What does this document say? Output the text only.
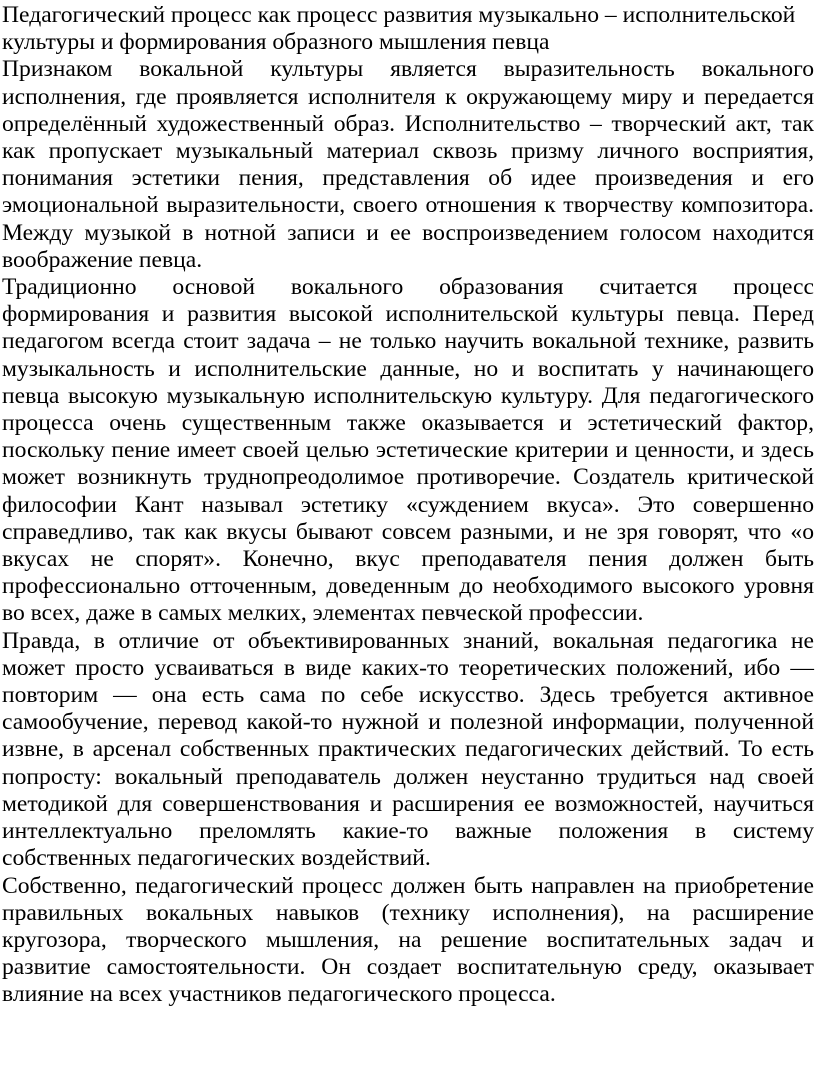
Педагогический процесс как процесс развития музыкально – исполнительской культуры и формирования образного мышления певца

Признаком вокальной культуры является выразительность вокального исполнения, где проявляется исполнителя к окружающему миру и передается определённый художественный образ. Исполнительство – творческий акт, так как пропускает музыкальный материал сквозь призму личного восприятия, понимания эстетики пения, представления об идее произведения и его эмоциональной выразительности, своего отношения к творчеству композитора. Между музыкой в нотной записи и ее воспроизведением голосом находится воображение певца.

Традиционно основой вокального образования считается процесс формирования и развития высокой исполнительской культуры певца. Перед педагогом всегда стоит задача – не только научить вокальной технике, развить музыкальность и исполнительские данные, но и воспитать у начинающего певца высокую музыкальную исполнительскую культуру. Для педагогического процесса очень существенным также оказывается и эстетический фактор, поскольку пение имеет своей целью эстетические критерии и ценности, и здесь может возникнуть труднопреодолимое противоречие. Создатель критической философии Кант называл эстетику «суждением вкуса». Это совершенно справедливо, так как вкусы бывают совсем разными, и не зря говорят, что «о вкусах не спорят». Конечно, вкус преподавателя пения должен быть профессионально отточенным, доведенным до необходимого высокого уровня во всех, даже в самых мелких, элементах певческой профессии.

Правда, в отличие от объективированных знаний, вокальная педагогика не может просто усваиваться в виде каких-то теоретических положений, ибо — повторим — она есть сама по себе искусство. Здесь требуется активное самообучение, перевод какой-то нужной и полезной информации, полученной извне, в арсенал собственных практических педагогических действий. То есть попросту: вокальный преподаватель должен неустанно трудиться над своей методикой для совершенствования и расширения ее возможностей, научиться интеллектуально преломлять какие-то важные положения в систему собственных педагогических воздействий.

Собственно, педагогический процесс должен быть направлен на приобретение правильных вокальных навыков (технику исполнения), на расширение кругозора, творческого мышления, на решение воспитательных задач и развитие самостоятельности. Он создает воспитательную среду, оказывает влияние на всех участников педагогического процесса.
